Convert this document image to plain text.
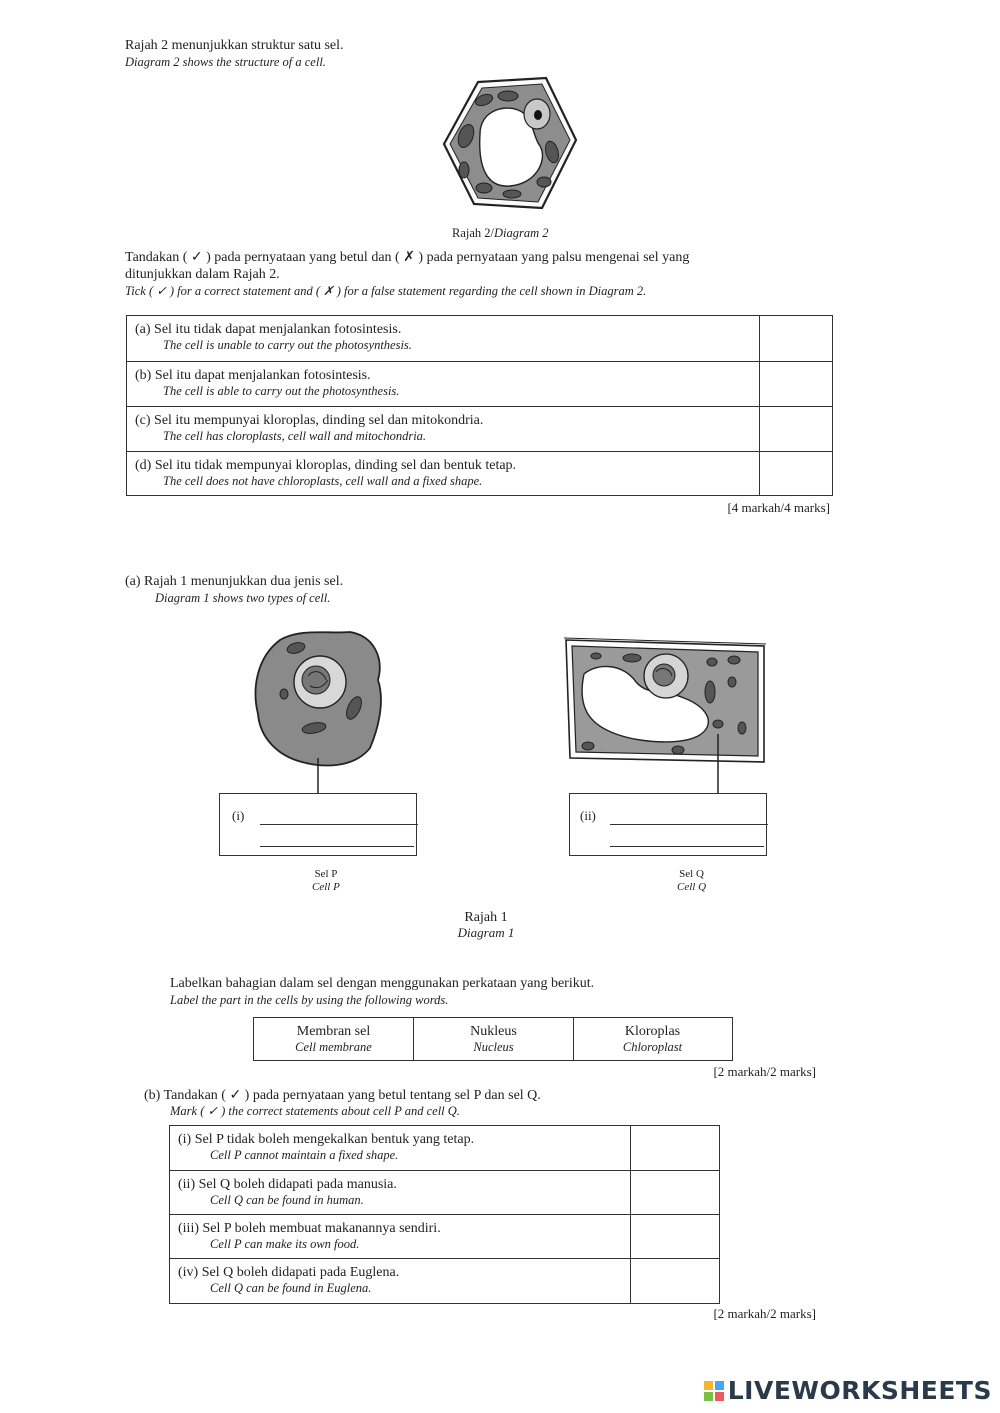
Rajah 2 menunjukkan struktur satu sel.
Diagram 2 shows the structure of a cell.
Rajah 2/Diagram 2
Tandakan ( ✓ ) pada pernyataan yang betul dan ( ✗ ) pada pernyataan yang palsu mengenai sel yang
ditunjukkan dalam Rajah 2.
Tick ( ✓ ) for a correct statement and ( ✗ ) for a false statement regarding the cell shown in Diagram 2.
(a) Sel itu tidak dapat menjalankan fotosintesis.
The cell is unable to carry out the photosynthesis.
(b) Sel itu dapat menjalankan fotosintesis.
The cell is able to carry out the photosynthesis.
(c) Sel itu mempunyai kloroplas, dinding sel dan mitokondria.
The cell has cloroplasts, cell wall and mitochondria.
(d) Sel itu tidak mempunyai kloroplas, dinding sel dan bentuk tetap.
The cell does not have chloroplasts, cell wall and a fixed shape.
[4 markah/4 marks]
(a) Rajah 1 menunjukkan dua jenis sel.
Diagram 1 shows two types of cell.
(i)
Sel P
Cell P
(ii)
Sel Q
Cell Q
Rajah 1
Diagram 1
Labelkan bahagian dalam sel dengan menggunakan perkataan yang berikut.
Label the part in the cells by using the following words.
Membran sel
Cell membrane
Nukleus
Nucleus
Kloroplas
Chloroplast
[2 markah/2 marks]
(b) Tandakan ( ✓ ) pada pernyataan yang betul tentang sel P dan sel Q.
Mark ( ✓ ) the correct statements about cell P and cell Q.
(i) Sel P tidak boleh mengekalkan bentuk yang tetap.
Cell P cannot maintain a fixed shape.
(ii) Sel Q boleh didapati pada manusia.
Cell Q can be found in human.
(iii) Sel P boleh membuat makanannya sendiri.
Cell P can make its own food.
(iv) Sel Q boleh didapati pada Euglena.
Cell Q can be found in Euglena.
[2 markah/2 marks]
LIVEWORKSHEETS
